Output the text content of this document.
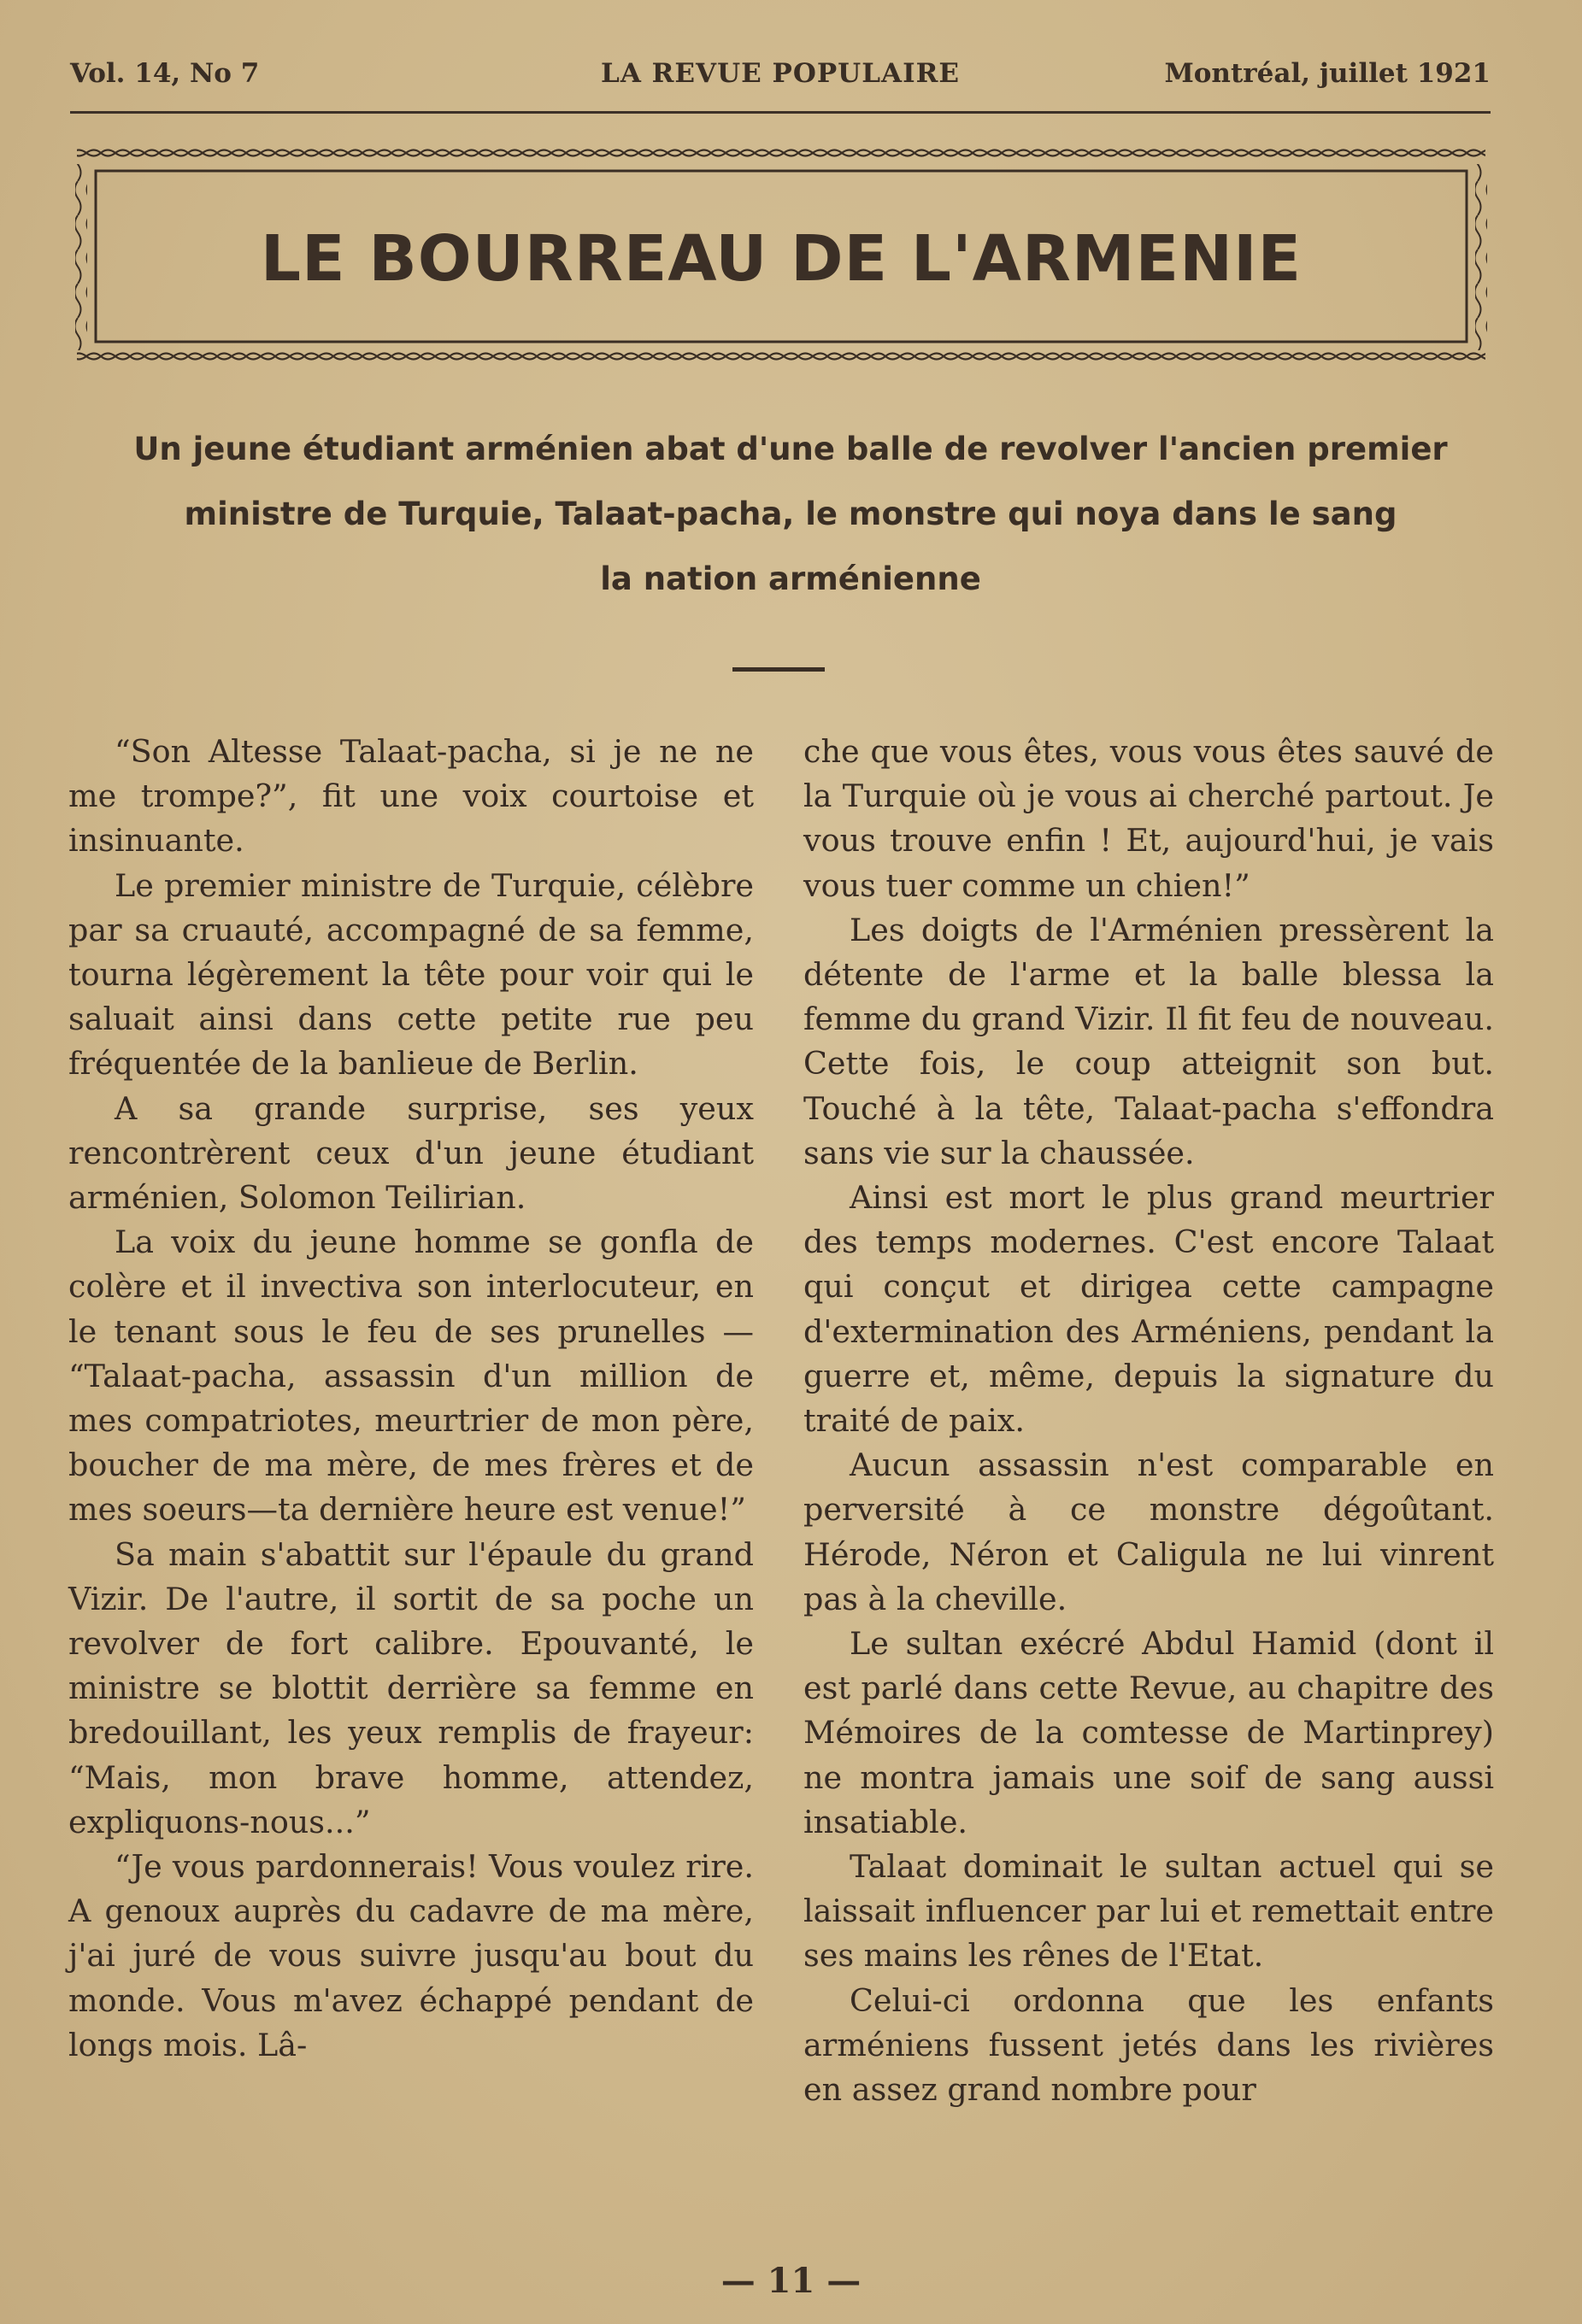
Vol. 14, No 7	LA REVUE POPULAIRE	Montréal, juillet 1921
LE BOURREAU DE L'ARMENIE
Un jeune étudiant arménien abat d'une balle de revolver l'ancien premier
ministre de Turquie, Talaat-pacha, le monstre qui noya dans le sang
la nation arménienne

“Son Altesse Talaat-pacha, si je ne ne me trompe?”, fit une voix courtoise et insinuante.

Le premier ministre de Turquie, célèbre par sa cruauté, accompagné de sa femme, tourna légèrement la tête pour voir qui le saluait ainsi dans cette petite rue peu fréquentée de la banlieue de Berlin.

A sa grande surprise, ses yeux rencontrèrent ceux d'un jeune étudiant arménien, Solomon Teilirian.

La voix du jeune homme se gonfla de colère et il invectiva son interlocuteur, en le tenant sous le feu de ses prunelles — “Talaat-pacha, assassin d'un million de mes compatriotes, meurtrier de mon père, boucher de ma mère, de mes frères et de mes soeurs—ta dernière heure est venue!”

Sa main s'abattit sur l'épaule du grand Vizir. De l'autre, il sortit de sa poche un revolver de fort calibre. Epouvanté, le ministre se blottit derrière sa femme en bredouillant, les yeux remplis de frayeur: “Mais, mon brave homme, attendez, expliquons-nous...”

“Je vous pardonnerais! Vous voulez rire. A genoux auprès du cadavre de ma mère, j'ai juré de vous suivre jusqu'au bout du monde. Vous m'avez échappé pendant de longs mois. Lâ-

che que vous êtes, vous vous êtes sauvé de la Turquie où je vous ai cherché partout. Je vous trouve enfin ! Et, aujourd'hui, je vais vous tuer comme un chien!”

Les doigts de l'Arménien pressèrent la détente de l'arme et la balle blessa la femme du grand Vizir. Il fit feu de nouveau. Cette fois, le coup atteignit son but. Touché à la tête, Talaat-pacha s'effondra sans vie sur la chaussée.

Ainsi est mort le plus grand meurtrier des temps modernes. C'est encore Talaat qui conçut et dirigea cette campagne d'extermination des Arméniens, pendant la guerre et, même, depuis la signature du traité de paix.

Aucun assassin n'est comparable en perversité à ce monstre dégoûtant. Hérode, Néron et Caligula ne lui vinrent pas à la cheville.

Le sultan exécré Abdul Hamid (dont il est parlé dans cette Revue, au chapitre des Mémoires de la comtesse de Martinprey) ne montra jamais une soif de sang aussi insatiable.

Talaat dominait le sultan actuel qui se laissait influencer par lui et remettait entre ses mains les rênes de l'Etat.

Celui-ci ordonna que les enfants arméniens fussent jetés dans les rivières en assez grand nombre pour

— 11 —
